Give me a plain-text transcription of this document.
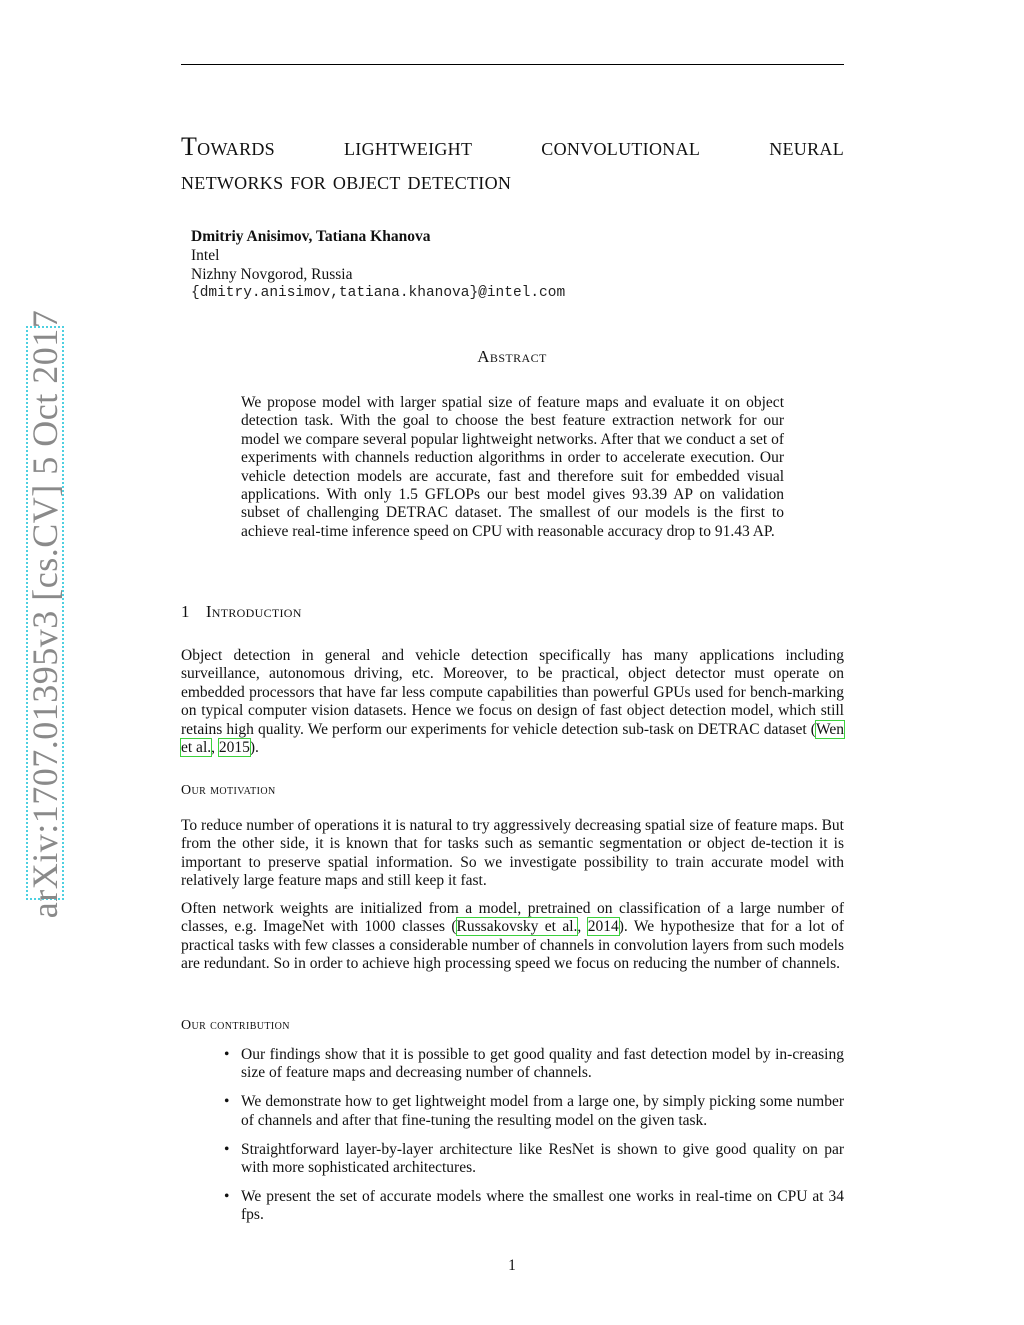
arXiv:1707.01395v3 [cs.CV] 5 Oct 2017
Towards lightweight convolutional neural
networks for object detection
Dmitriy Anisimov, Tatiana Khanova
Intel
Nizhny Novgorod, Russia
{dmitry.anisimov,tatiana.khanova}@intel.com
Abstract
We propose model with larger spatial size of feature maps and evaluate it on object detection task. With the goal to choose the best feature extraction network for our model we compare several popular lightweight networks. After that we conduct a set of experiments with channels reduction algorithms in order to accelerate execution. Our vehicle detection models are accurate, fast and therefore suit for embedded visual applications. With only 1.5 GFLOPs our best model gives 93.39 AP on validation subset of challenging DETRAC dataset. The smallest of our models is the first to achieve real-time inference speed on CPU with reasonable accuracy drop to 91.43 AP.
1 Introduction
Object detection in general and vehicle detection specifically has many applications including surveillance, autonomous driving, etc. Moreover, to be practical, object detector must operate on embedded processors that have far less compute capabilities than powerful GPUs used for bench-marking on typical computer vision datasets. Hence we focus on design of fast object detection model, which still retains high quality. We perform our experiments for vehicle detection sub-task on DETRAC dataset (Wen et al., 2015).
Our motivation
To reduce number of operations it is natural to try aggressively decreasing spatial size of feature maps. But from the other side, it is known that for tasks such as semantic segmentation or object de-tection it is important to preserve spatial information. So we investigate possibility to train accurate model with relatively large feature maps and still keep it fast.
Often network weights are initialized from a model, pretrained on classification of a large number of classes, e.g. ImageNet with 1000 classes (Russakovsky et al., 2014). We hypothesize that for a lot of practical tasks with few classes a considerable number of channels in convolution layers from such models are redundant. So in order to achieve high processing speed we focus on reducing the number of channels.
Our contribution
• Our findings show that it is possible to get good quality and fast detection model by in-creasing size of feature maps and decreasing number of channels.
• We demonstrate how to get lightweight model from a large one, by simply picking some number of channels and after that fine-tuning the resulting model on the given task.
• Straightforward layer-by-layer architecture like ResNet is shown to give good quality on par with more sophisticated architectures.
• We present the set of accurate models where the smallest one works in real-time on CPU at 34 fps.
1
